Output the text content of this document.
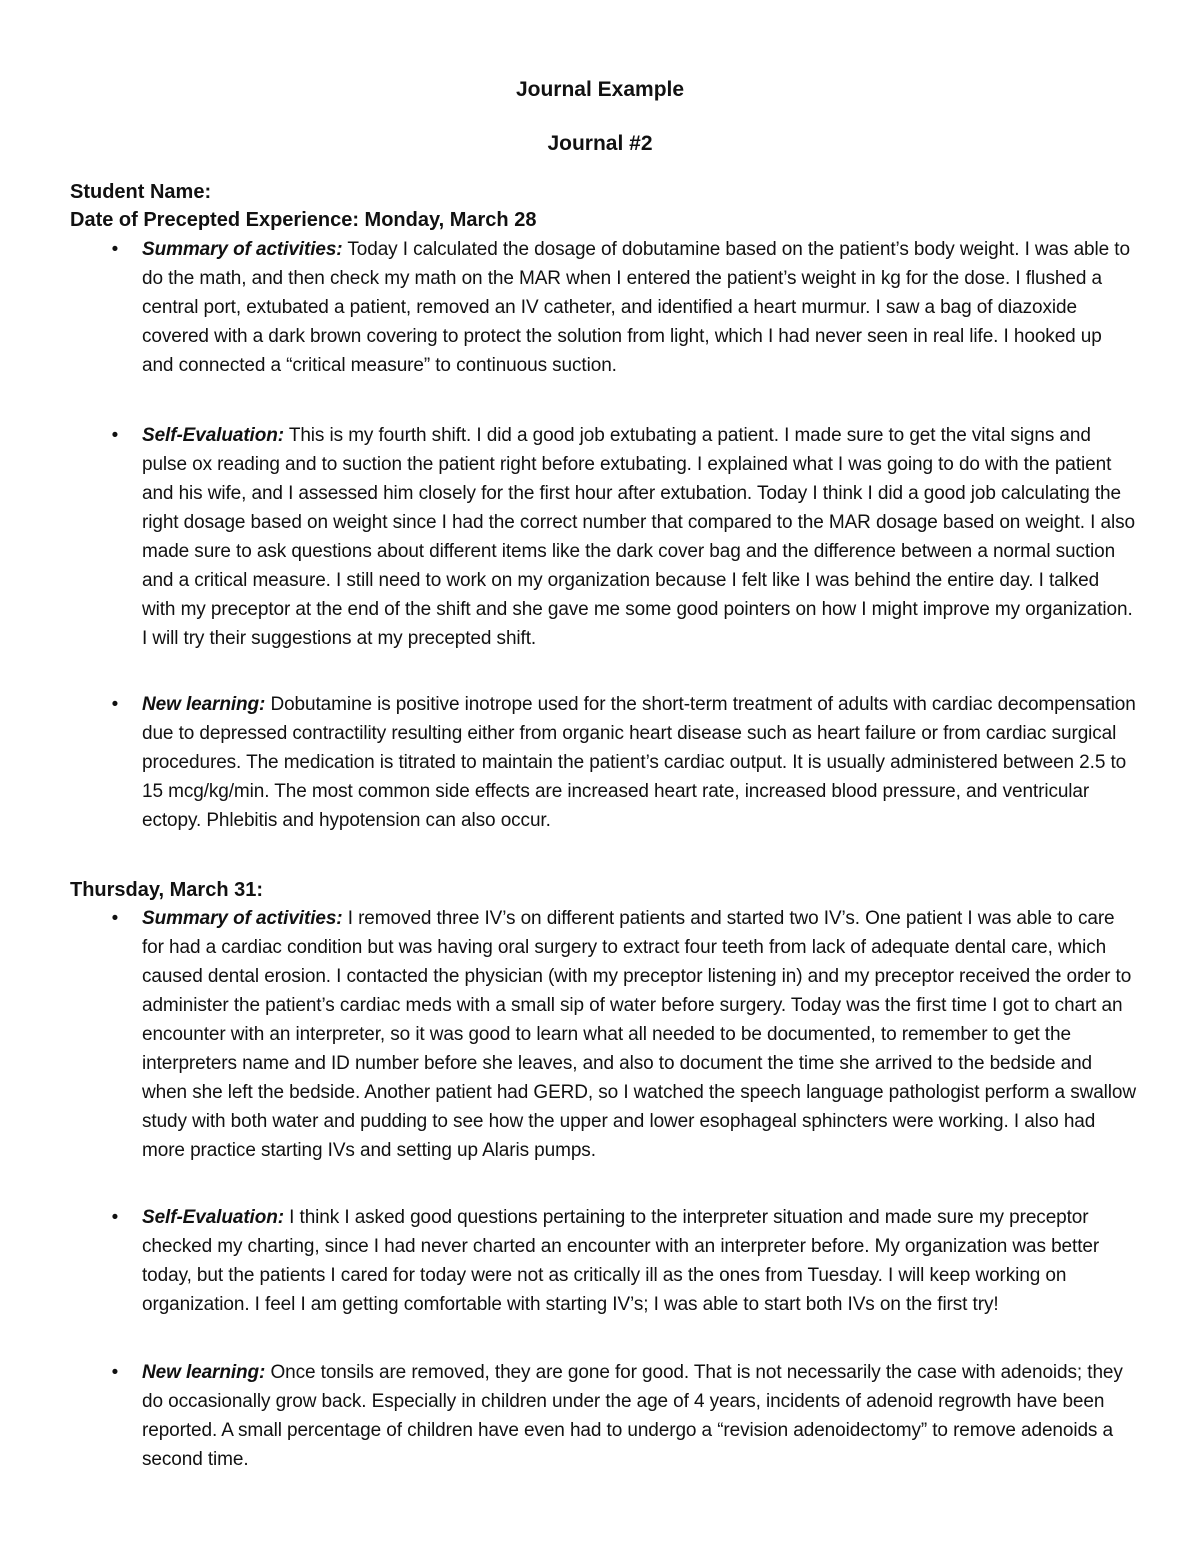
Journal Example
Journal #2
Student Name:
Date of Precepted Experience: Monday, March 28
•	Summary of activities: Today I calculated the dosage of dobutamine based on the patient’s body weight. I was able to do the math, and then check my math on the MAR when I entered the patient’s weight in kg for the dose. I flushed a central port, extubated a patient, removed an IV catheter, and identified a heart murmur. I saw a bag of diazoxide covered with a dark brown covering to protect the solution from light, which I had never seen in real life. I hooked up and connected a “critical measure” to continuous suction.

•	Self-Evaluation: This is my fourth shift. I did a good job extubating a patient. I made sure to get the vital signs and pulse ox reading and to suction the patient right before extubating. I explained what I was going to do with the patient and his wife, and I assessed him closely for the first hour after extubation. Today I think I did a good job calculating the right dosage based on weight since I had the correct number that compared to the MAR dosage based on weight. I also made sure to ask questions about different items like the dark cover bag and the difference between a normal suction and a critical measure. I still need to work on my organization because I felt like I was behind the entire day. I talked with my preceptor at the end of the shift and she gave me some good pointers on how I might improve my organization. I will try their suggestions at my precepted shift.

•	New learning: Dobutamine is positive inotrope used for the short-term treatment of adults with cardiac decompensation due to depressed contractility resulting either from organic heart disease such as heart failure or from cardiac surgical procedures. The medication is titrated to maintain the patient’s cardiac output. It is usually administered between 2.5 to 15 mcg/kg/min. The most common side effects are increased heart rate, increased blood pressure, and ventricular ectopy. Phlebitis and hypotension can also occur.

Thursday, March 31:
•	Summary of activities: I removed three IV’s on different patients and started two IV’s. One patient I was able to care for had a cardiac condition but was having oral surgery to extract four teeth from lack of adequate dental care, which caused dental erosion. I contacted the physician (with my preceptor listening in) and my preceptor received the order to administer the patient’s cardiac meds with a small sip of water before surgery. Today was the first time I got to chart an encounter with an interpreter, so it was good to learn what all needed to be documented, to remember to get the interpreters name and ID number before she leaves, and also to document the time she arrived to the bedside and when she left the bedside. Another patient had GERD, so I watched the speech language pathologist perform a swallow study with both water and pudding to see how the upper and lower esophageal sphincters were working. I also had more practice starting IVs and setting up Alaris pumps.

•	Self-Evaluation: I think I asked good questions pertaining to the interpreter situation and made sure my preceptor checked my charting, since I had never charted an encounter with an interpreter before. My organization was better today, but the patients I cared for today were not as critically ill as the ones from Tuesday. I will keep working on organization. I feel I am getting comfortable with starting IV’s; I was able to start both IVs on the first try!

•	New learning: Once tonsils are removed, they are gone for good. That is not necessarily the case with adenoids; they do occasionally grow back. Especially in children under the age of 4 years, incidents of adenoid regrowth have been reported. A small percentage of children have even had to undergo a “revision adenoidectomy” to remove adenoids a second time.
